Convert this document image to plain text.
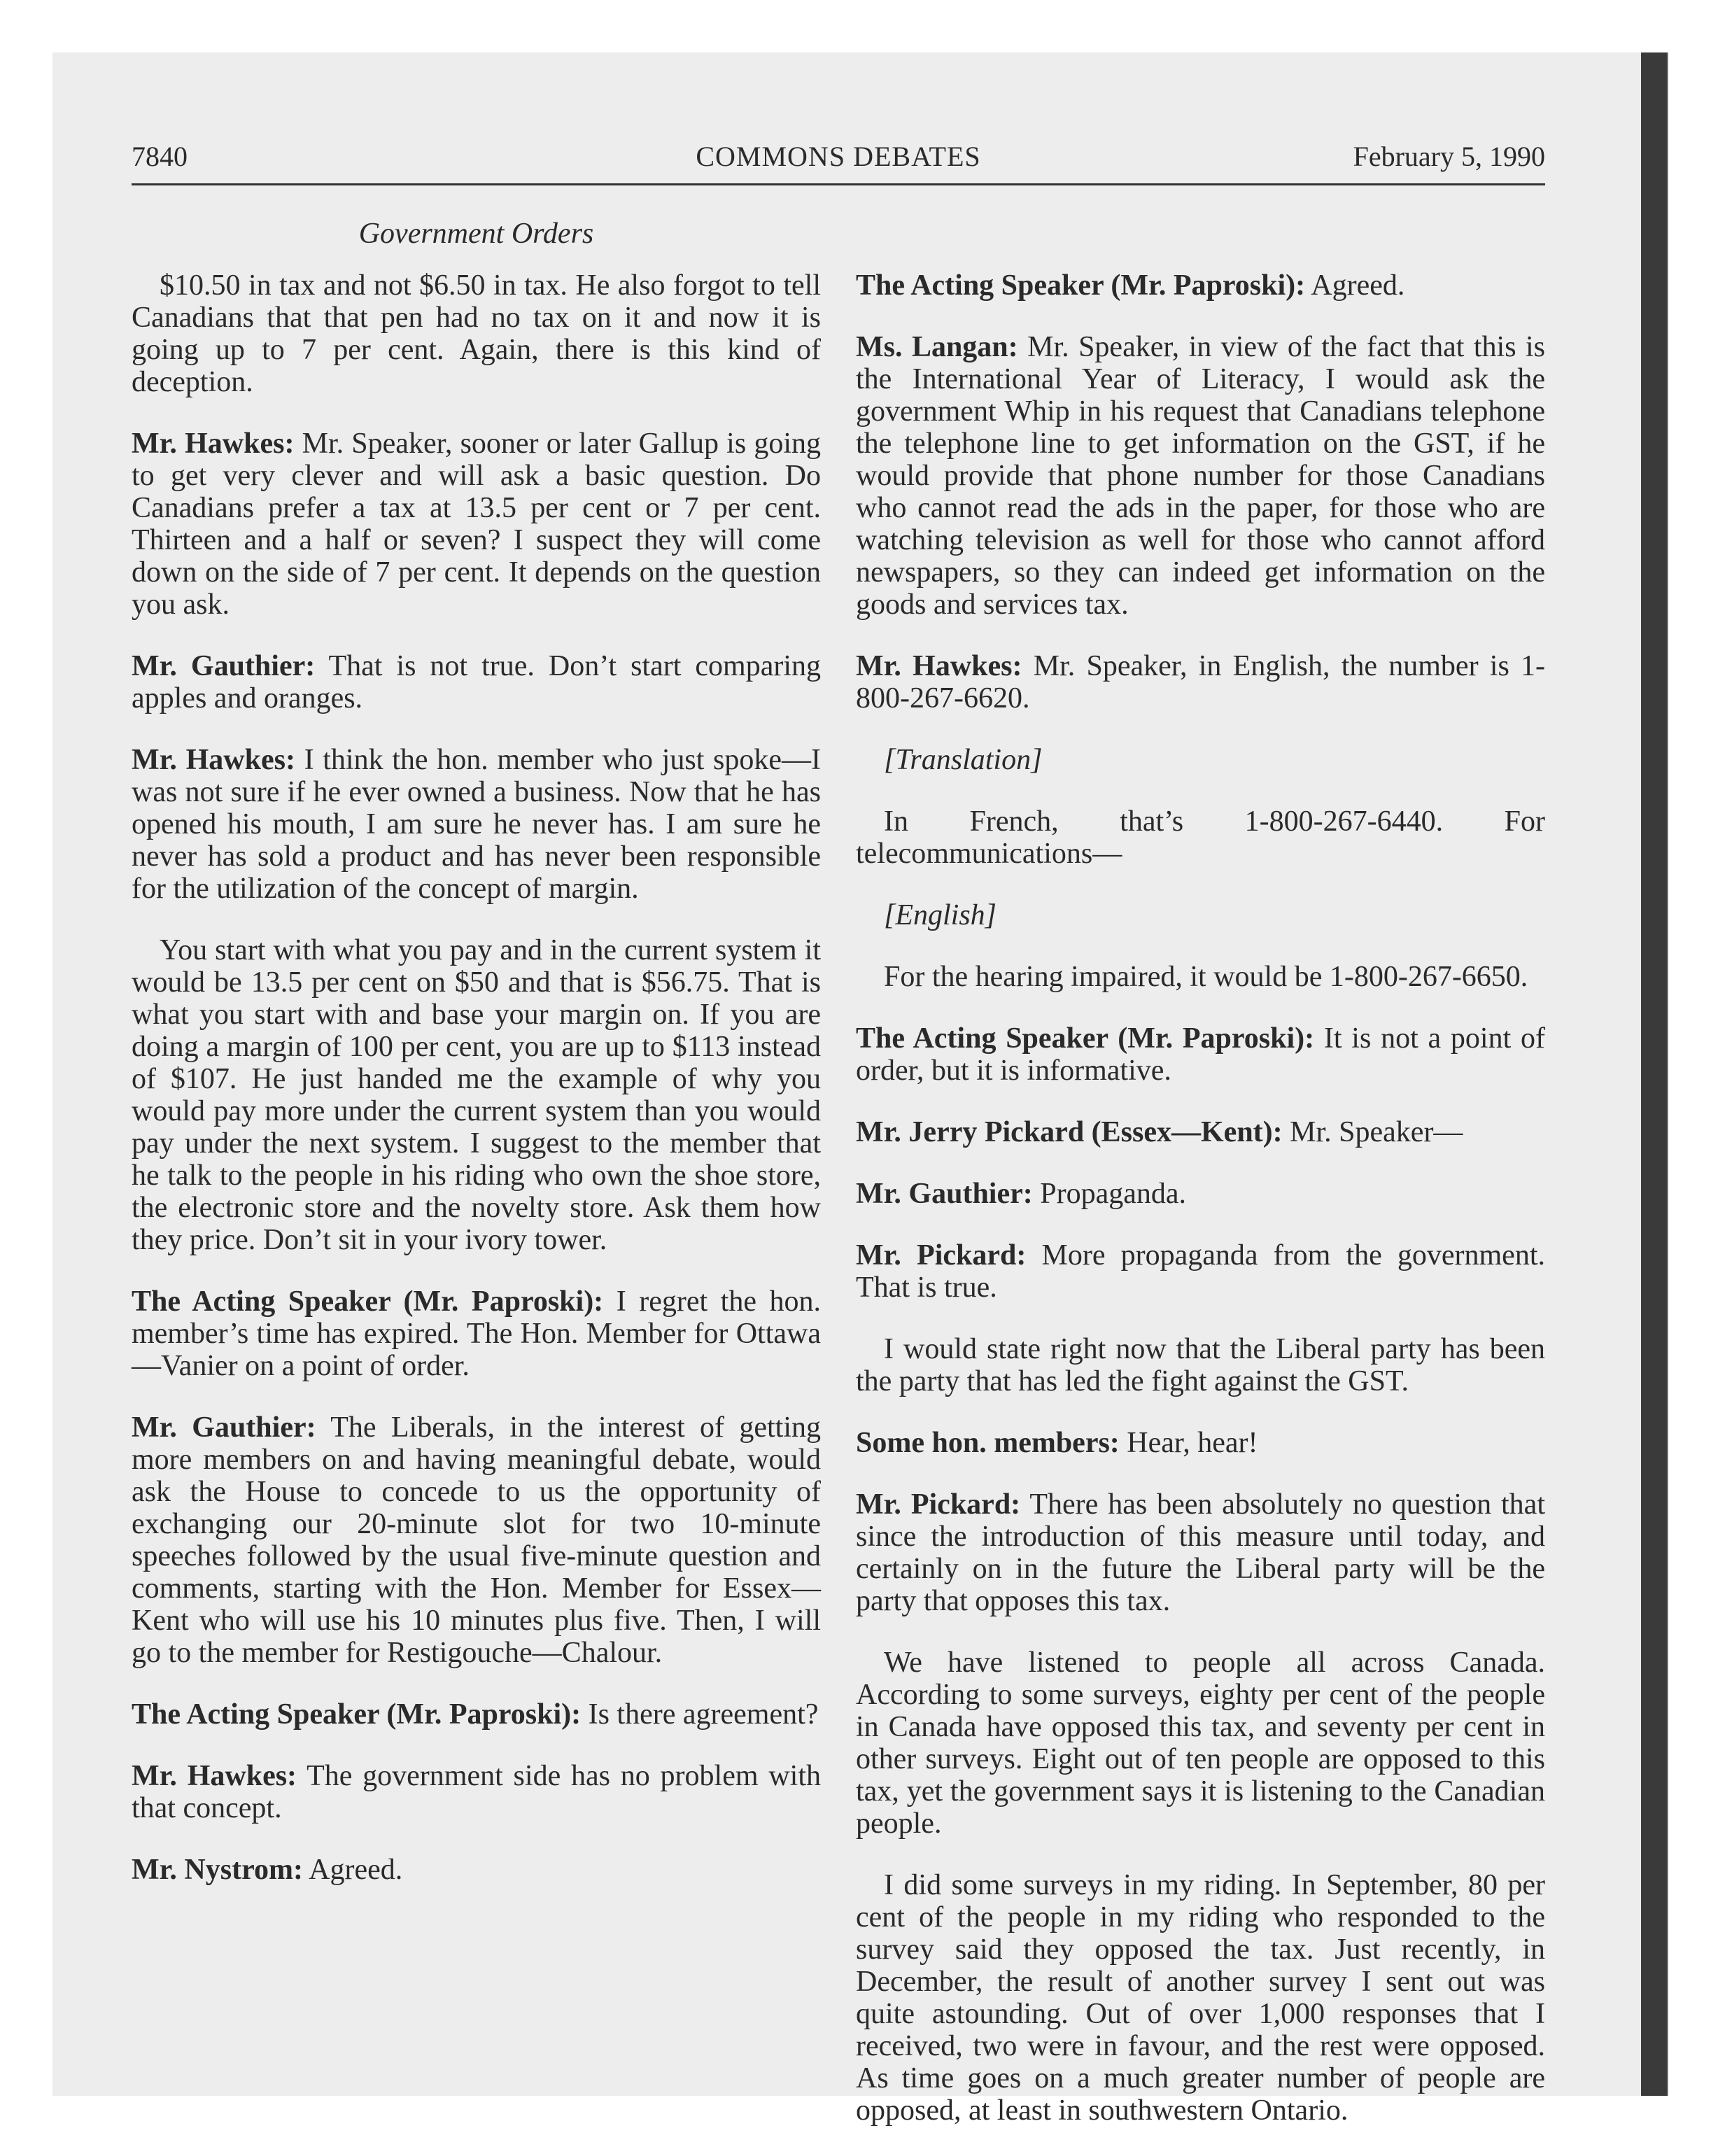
7840	COMMONS DEBATES	February 5, 1990
Government Orders

$10.50 in tax and not $6.50 in tax. He also forgot to tell Canadians that that pen had no tax on it and now it is going up to 7 per cent. Again, there is this kind of deception.

Mr. Hawkes: Mr. Speaker, sooner or later Gallup is going to get very clever and will ask a basic question. Do Canadians prefer a tax at 13.5 per cent or 7 per cent. Thirteen and a half or seven? I suspect they will come down on the side of 7 per cent. It depends on the question you ask.

Mr. Gauthier: That is not true. Don’t start comparing apples and oranges.

Mr. Hawkes: I think the hon. member who just spoke—I was not sure if he ever owned a business. Now that he has opened his mouth, I am sure he never has. I am sure he never has sold a product and has never been responsible for the utilization of the concept of margin.

You start with what you pay and in the current system it would be 13.5 per cent on $50 and that is $56.75. That is what you start with and base your margin on. If you are doing a margin of 100 per cent, you are up to $113 instead of $107. He just handed me the example of why you would pay more under the current system than you would pay under the next system. I suggest to the member that he talk to the people in his riding who own the shoe store, the electronic store and the novelty store. Ask them how they price. Don’t sit in your ivory tower.

The Acting Speaker (Mr. Paproski): I regret the hon. member’s time has expired. The Hon. Member for Ottawa—Vanier on a point of order.

Mr. Gauthier: The Liberals, in the interest of getting more members on and having meaningful debate, would ask the House to concede to us the opportunity of exchanging our 20-minute slot for two 10-minute speeches followed by the usual five-minute question and comments, starting with the Hon. Member for Essex—Kent who will use his 10 minutes plus five. Then, I will go to the member for Restigouche—Chalour.

The Acting Speaker (Mr. Paproski): Is there agreement?

Mr. Hawkes: The government side has no problem with that concept.

Mr. Nystrom: Agreed.

The Acting Speaker (Mr. Paproski): Agreed.

Ms. Langan: Mr. Speaker, in view of the fact that this is the International Year of Literacy, I would ask the government Whip in his request that Canadians telephone the telephone line to get information on the GST, if he would provide that phone number for those Canadians who cannot read the ads in the paper, for those who are watching television as well for those who cannot afford newspapers, so they can indeed get information on the goods and services tax.

Mr. Hawkes: Mr. Speaker, in English, the number is 1-800-267-6620.

[Translation]

In French, that’s 1-800-267-6440. For telecommunications—

[English]

For the hearing impaired, it would be 1-800-267-6650.

The Acting Speaker (Mr. Paproski): It is not a point of order, but it is informative.

Mr. Jerry Pickard (Essex—Kent): Mr. Speaker—

Mr. Gauthier: Propaganda.

Mr. Pickard: More propaganda from the government. That is true.

I would state right now that the Liberal party has been the party that has led the fight against the GST.

Some hon. members: Hear, hear!

Mr. Pickard: There has been absolutely no question that since the introduction of this measure until today, and certainly on in the future the Liberal party will be the party that opposes this tax.

We have listened to people all across Canada. According to some surveys, eighty per cent of the people in Canada have opposed this tax, and seventy per cent in other surveys. Eight out of ten people are opposed to this tax, yet the government says it is listening to the Canadian people.

I did some surveys in my riding. In September, 80 per cent of the people in my riding who responded to the survey said they opposed the tax. Just recently, in December, the result of another survey I sent out was quite astounding. Out of over 1,000 responses that I received, two were in favour, and the rest were opposed. As time goes on a much greater number of people are opposed, at least in southwestern Ontario.
